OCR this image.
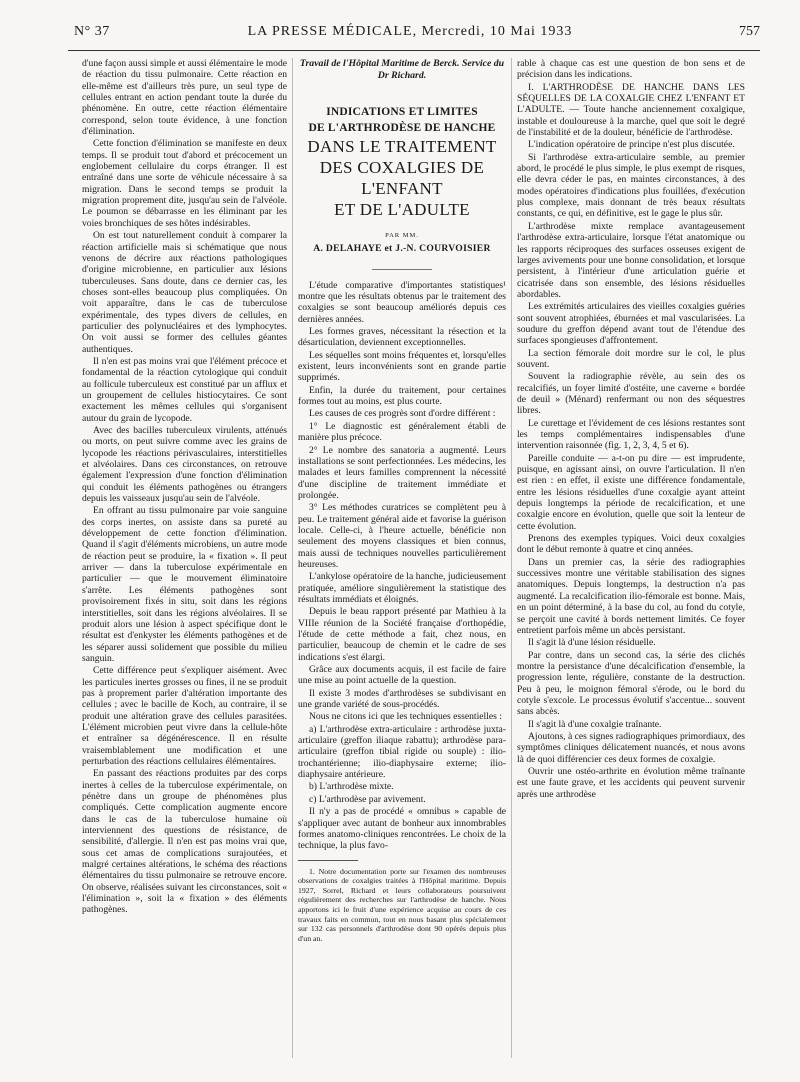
N° 37	LA PRESSE MÉDICALE, Mercredi, 10 Mai 1933	757

d'une façon aussi simple et aussi élémentaire le mode de réaction du tissu pulmonaire. Cette réaction en elle-même est d'ailleurs très pure, un seul type de cellules entrant en action pendant toute la durée du phénomène. En outre, cette réaction élémentaire correspond, selon toute évidence, à une fonction d'élimination.

Cette fonction d'élimination se manifeste en deux temps. Il se produit tout d'abord et précocement un englobement cellulaire du corps étranger. Il est entraîné dans une sorte de véhicule nécessaire à sa migration. Dans le second temps se produit la migration proprement dite, jusqu'au sein de l'alvéole. Le poumon se débarrasse en les éliminant par les voies bronchiques de ses hôtes indésirables.

On est tout naturellement conduit à comparer la réaction artificielle mais si schématique que nous venons de décrire aux réactions pathologiques d'origine microbienne, en particulier aux lésions tuberculeuses. Sans doute, dans ce dernier cas, les choses sont-elles beaucoup plus compliquées. On voit apparaître, dans le cas de tuberculose expérimentale, des types divers de cellules, en particulier des polynucléaires et des lymphocytes. On voit aussi se former des cellules géantes authentiques.

Il n'en est pas moins vrai que l'élément précoce et fondamental de la réaction cytologique qui conduit au follicule tuberculeux est constitué par un afflux et un groupement de cellules histiocytaires. Ce sont exactement les mêmes cellules qui s'organisent autour du grain de lycopode.

Avec des bacilles tuberculeux virulents, atténués ou morts, on peut suivre comme avec les grains de lycopode les réactions périvasculaires, interstitielles et alvéolaires. Dans ces circonstances, on retrouve également l'expression d'une fonction d'élimination qui conduit les éléments pathogènes ou étrangers depuis les vaisseaux jusqu'au sein de l'alvéole.

En offrant au tissu pulmonaire par voie sanguine des corps inertes, on assiste dans sa pureté au développement de cette fonction d'élimination. Quand il s'agit d'éléments microbiens, un autre mode de réaction peut se produire, la « fixation ». Il peut arriver — dans la tuberculose expérimentale en particulier — que le mouvement éliminatoire s'arrête. Les éléments pathogènes sont provisoirement fixés in situ, soit dans les régions interstitielles, soit dans les régions alvéolaires. Il se produit alors une lésion à aspect spécifique dont le résultat est d'enkyster les éléments pathogènes et de les séparer aussi solidement que possible du milieu sanguin.

Cette différence peut s'expliquer aisément. Avec les particules inertes grosses ou fines, il ne se produit pas à proprement parler d'altération importante des cellules ; avec le bacille de Koch, au contraire, il se produit une altération grave des cellules parasitées. L'élément microbien peut vivre dans la cellule-hôte et entraîner sa dégénérescence. Il en résulte vraisemblablement une modification et une perturbation des réactions cellulaires élémentaires.

En passant des réactions produites par des corps inertes à celles de la tuberculose expérimentale, on pénètre dans un groupe de phénomènes plus compliqués. Cette complication augmente encore dans le cas de la tuberculose humaine où interviennent des questions de résistance, de sensibilité, d'allergie. Il n'en est pas moins vrai que, sous cet amas de complications surajoutées, et malgré certaines altérations, le schéma des réactions élémentaires du tissu pulmonaire se retrouve encore. On observe, réalisées suivant les circonstances, soit « l'élimination », soit la « fixation » des éléments pathogènes.

Travail de l'Hôpital Maritime de Berck. Service du Dr Richard.
INDICATIONS ET LIMITES
DE L'ARTHRODÈSE DE HANCHE
DANS LE TRAITEMENT
DES COXALGIES DE L'ENFANT
ET DE L'ADULTE
PAR MM.
A. DELAHAYE et J.-N. COURVOISIER

L'étude comparative d'importantes statistiques¹ montre que les résultats obtenus par le traitement des coxalgies se sont beaucoup améliorés depuis ces dernières années.

Les formes graves, nécessitant la résection et la désarticulation, deviennent exceptionnelles.

Les séquelles sont moins fréquentes et, lorsqu'elles existent, leurs inconvénients sont en grande partie supprimés.

Enfin, la durée du traitement, pour certaines formes tout au moins, est plus courte.

Les causes de ces progrès sont d'ordre différent :

1° Le diagnostic est généralement établi de manière plus précoce.

2° Le nombre des sanatoria a augmenté. Leurs installations se sont perfectionnées. Les médecins, les malades et leurs familles comprennent la nécessité d'une discipline de traitement immédiate et prolongée.

3° Les méthodes curatrices se complètent peu à peu. Le traitement général aide et favorise la guérison locale. Celle-ci, à l'heure actuelle, bénéficie non seulement des moyens classiques et bien connus, mais aussi de techniques nouvelles particulièrement heureuses.

L'ankylose opératoire de la hanche, judicieusement pratiquée, améliore singulièrement la statistique des résultats immédiats et éloignés.

Depuis le beau rapport présenté par Mathieu à la VIIIe réunion de la Société française d'orthopédie, l'étude de cette méthode a fait, chez nous, en particulier, beaucoup de chemin et le cadre de ses indications s'est élargi.

Grâce aux documents acquis, il est facile de faire une mise au point actuelle de la question.

Il existe 3 modes d'arthrodèses se subdivisant en une grande variété de sous-procédés.

Nous ne citons ici que les techniques essentielles :

a) L'arthrodèse extra-articulaire : arthrodèse juxta-articulaire (greffon iliaque rabattu); arthrodèse para-articulaire (greffon tibial rigide ou souple) : ilio-trochantérienne; ilio-diaphysaire externe; ilio-diaphysaire antérieure.

b) L'arthrodèse mixte.

c) L'arthrodèse par avivement.

Il n'y a pas de procédé « omnibus » capable de s'appliquer avec autant de bonheur aux innombrables formes anatomo-cliniques rencontrées. Le choix de la technique, la plus favo-

1. Notre documentation porte sur l'examen des nombreuses observations de coxalgies traitées à l'Hôpital maritime. Depuis 1927, Sorrel, Richard et leurs collaborateurs poursuivent régulièrement des recherches sur l'arthrodèse de hanche. Nous apportons ici le fruit d'une expérience acquise au cours de ces travaux faits en commun, tout en nous basant plus spécialement sur 132 cas personnels d'arthrodèse dont 90 opérés depuis plus d'un an.

rable à chaque cas est une question de bon sens et de précision dans les indications.

I. L'ARTHRODÈSE DE HANCHE DANS LES SÉQUELLES DE LA COXALGIE CHEZ L'ENFANT ET L'ADULTE. — Toute hanche anciennement coxalgique, instable et douloureuse à la marche, quel que soit le degré de l'instabilité et de la douleur, bénéficie de l'arthrodèse.

L'indication opératoire de principe n'est plus discutée.

Si l'arthrodèse extra-articulaire semble, au premier abord, le procédé le plus simple, le plus exempt de risques, elle devra céder le pas, en maintes circonstances, à des modes opératoires d'indications plus fouillées, d'exécution plus complexe, mais donnant de très beaux résultats constants, ce qui, en définitive, est le gage le plus sûr.

L'arthrodèse mixte remplace avantageusement l'arthrodèse extra-articulaire, lorsque l'état anatomique ou les rapports réciproques des surfaces osseuses exigent de larges avivements pour une bonne consolidation, et lorsque persistent, à l'intérieur d'une articulation guérie et cicatrisée dans son ensemble, des lésions résiduelles abordables.

Les extrémités articulaires des vieilles coxalgies guéries sont souvent atrophiées, éburnées et mal vascularisées. La soudure du greffon dépend avant tout de l'étendue des surfaces spongieuses d'affrontement.

La section fémorale doit mordre sur le col, le plus souvent.

Souvent la radiographie révèle, au sein des os recalcifiés, un foyer limité d'ostéite, une caverne « bordée de deuil » (Ménard) renfermant ou non des séquestres libres.

Le curettage et l'évidement de ces lésions restantes sont les temps complémentaires indispensables d'une intervention raisonnée (fig. 1, 2, 3, 4, 5 et 6).

Pareille conduite — a-t-on pu dire — est imprudente, puisque, en agissant ainsi, on ouvre l'articulation. Il n'en est rien : en effet, il existe une différence fondamentale, entre les lésions résiduelles d'une coxalgie ayant atteint depuis longtemps la période de recalcification, et une coxalgie encore en évolution, quelle que soit la lenteur de cette évolution.

Prenons des exemples typiques. Voici deux coxalgies dont le début remonte à quatre et cinq années.

Dans un premier cas, la série des radiographies successives montre une véritable stabilisation des signes anatomiques. Depuis longtemps, la destruction n'a pas augmenté. La recalcification ilio-fémorale est bonne. Mais, en un point déterminé, à la base du col, au fond du cotyle, se perçoit une cavité à bords nettement limités. Ce foyer entretient parfois même un abcès persistant.

Il s'agit là d'une lésion résiduelle.

Par contre, dans un second cas, la série des clichés montre la persistance d'une décalcification d'ensemble, la progression lente, régulière, constante de la destruction. Peu à peu, le moignon fémoral s'érode, ou le bord du cotyle s'excole. Le processus évolutif s'accentue... souvent sans abcès.

Il s'agit là d'une coxalgie traînante.

Ajoutons, à ces signes radiographiques primordiaux, des symptômes cliniques délicatement nuancés, et nous avons là de quoi différencier ces deux formes de coxalgie.

Ouvrir une ostéo-arthrite en évolution même traînante est une faute grave, et les accidents qui peuvent survenir après une arthrodèse
